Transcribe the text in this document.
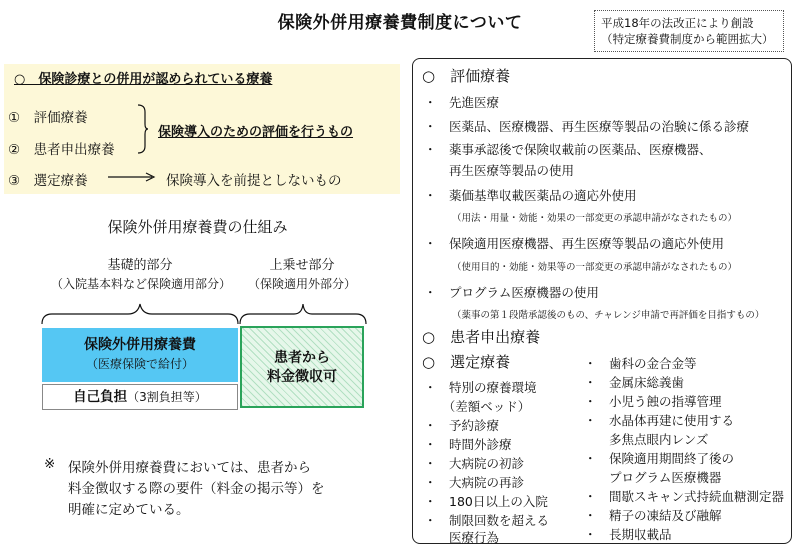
保険外併用療養費制度について	平成18年の法改正により創設
（特定療養費制度から範囲拡大）
○　保険診療との併用が認められている療養
①　評価療養
②　患者申出療養
保険導入のための評価を行うもの
③　選定療養	保険導入を前提としないもの
保険外併用療養費の仕組み
基礎的部分
（入院基本料など保険適用部分）
上乗せ部分
（保険適用外部分）
保険外併用療養費
（医療保険で給付）	患者から
料金徴収可
自己負担（3割負担等）
※ 保険外併用療養費においては、患者から
料金徴収する際の要件（料金の掲示等）を
明確に定めている。
○　評価療養
・　先進医療
・　医薬品、医療機器、再生医療等製品の治験に係る診療
・　薬事承認後で保険収載前の医薬品、医療機器、
　　再生医療等製品の使用
・　薬価基準収載医薬品の適応外使用
（用法・用量・効能・効果の一部変更の承認申請がなされたもの）
・　保険適用医療機器、再生医療等製品の適応外使用
（使用目的・効能・効果等の一部変更の承認申請がなされたもの）
・　プログラム医療機器の使用
（薬事の第１段階承認後のもの、チャレンジ申請で再評価を目指すもの）
○　患者申出療養
○　選定療養
・　特別の療養環境
　　（差額ベッド）
・　予約診療
・　時間外診療
・　大病院の初診
・　大病院の再診
・　180日以上の入院
・　制限回数を超える
　　医療行為
・　歯科の金合金等
・　金属床総義歯
・　小児う蝕の指導管理
・　水晶体再建に使用する
　　多焦点眼内レンズ
・　保険適用期間終了後の
　　プログラム医療機器
・　間歇スキャン式持続血糖測定器
・　精子の凍結及び融解
・　長期収載品
